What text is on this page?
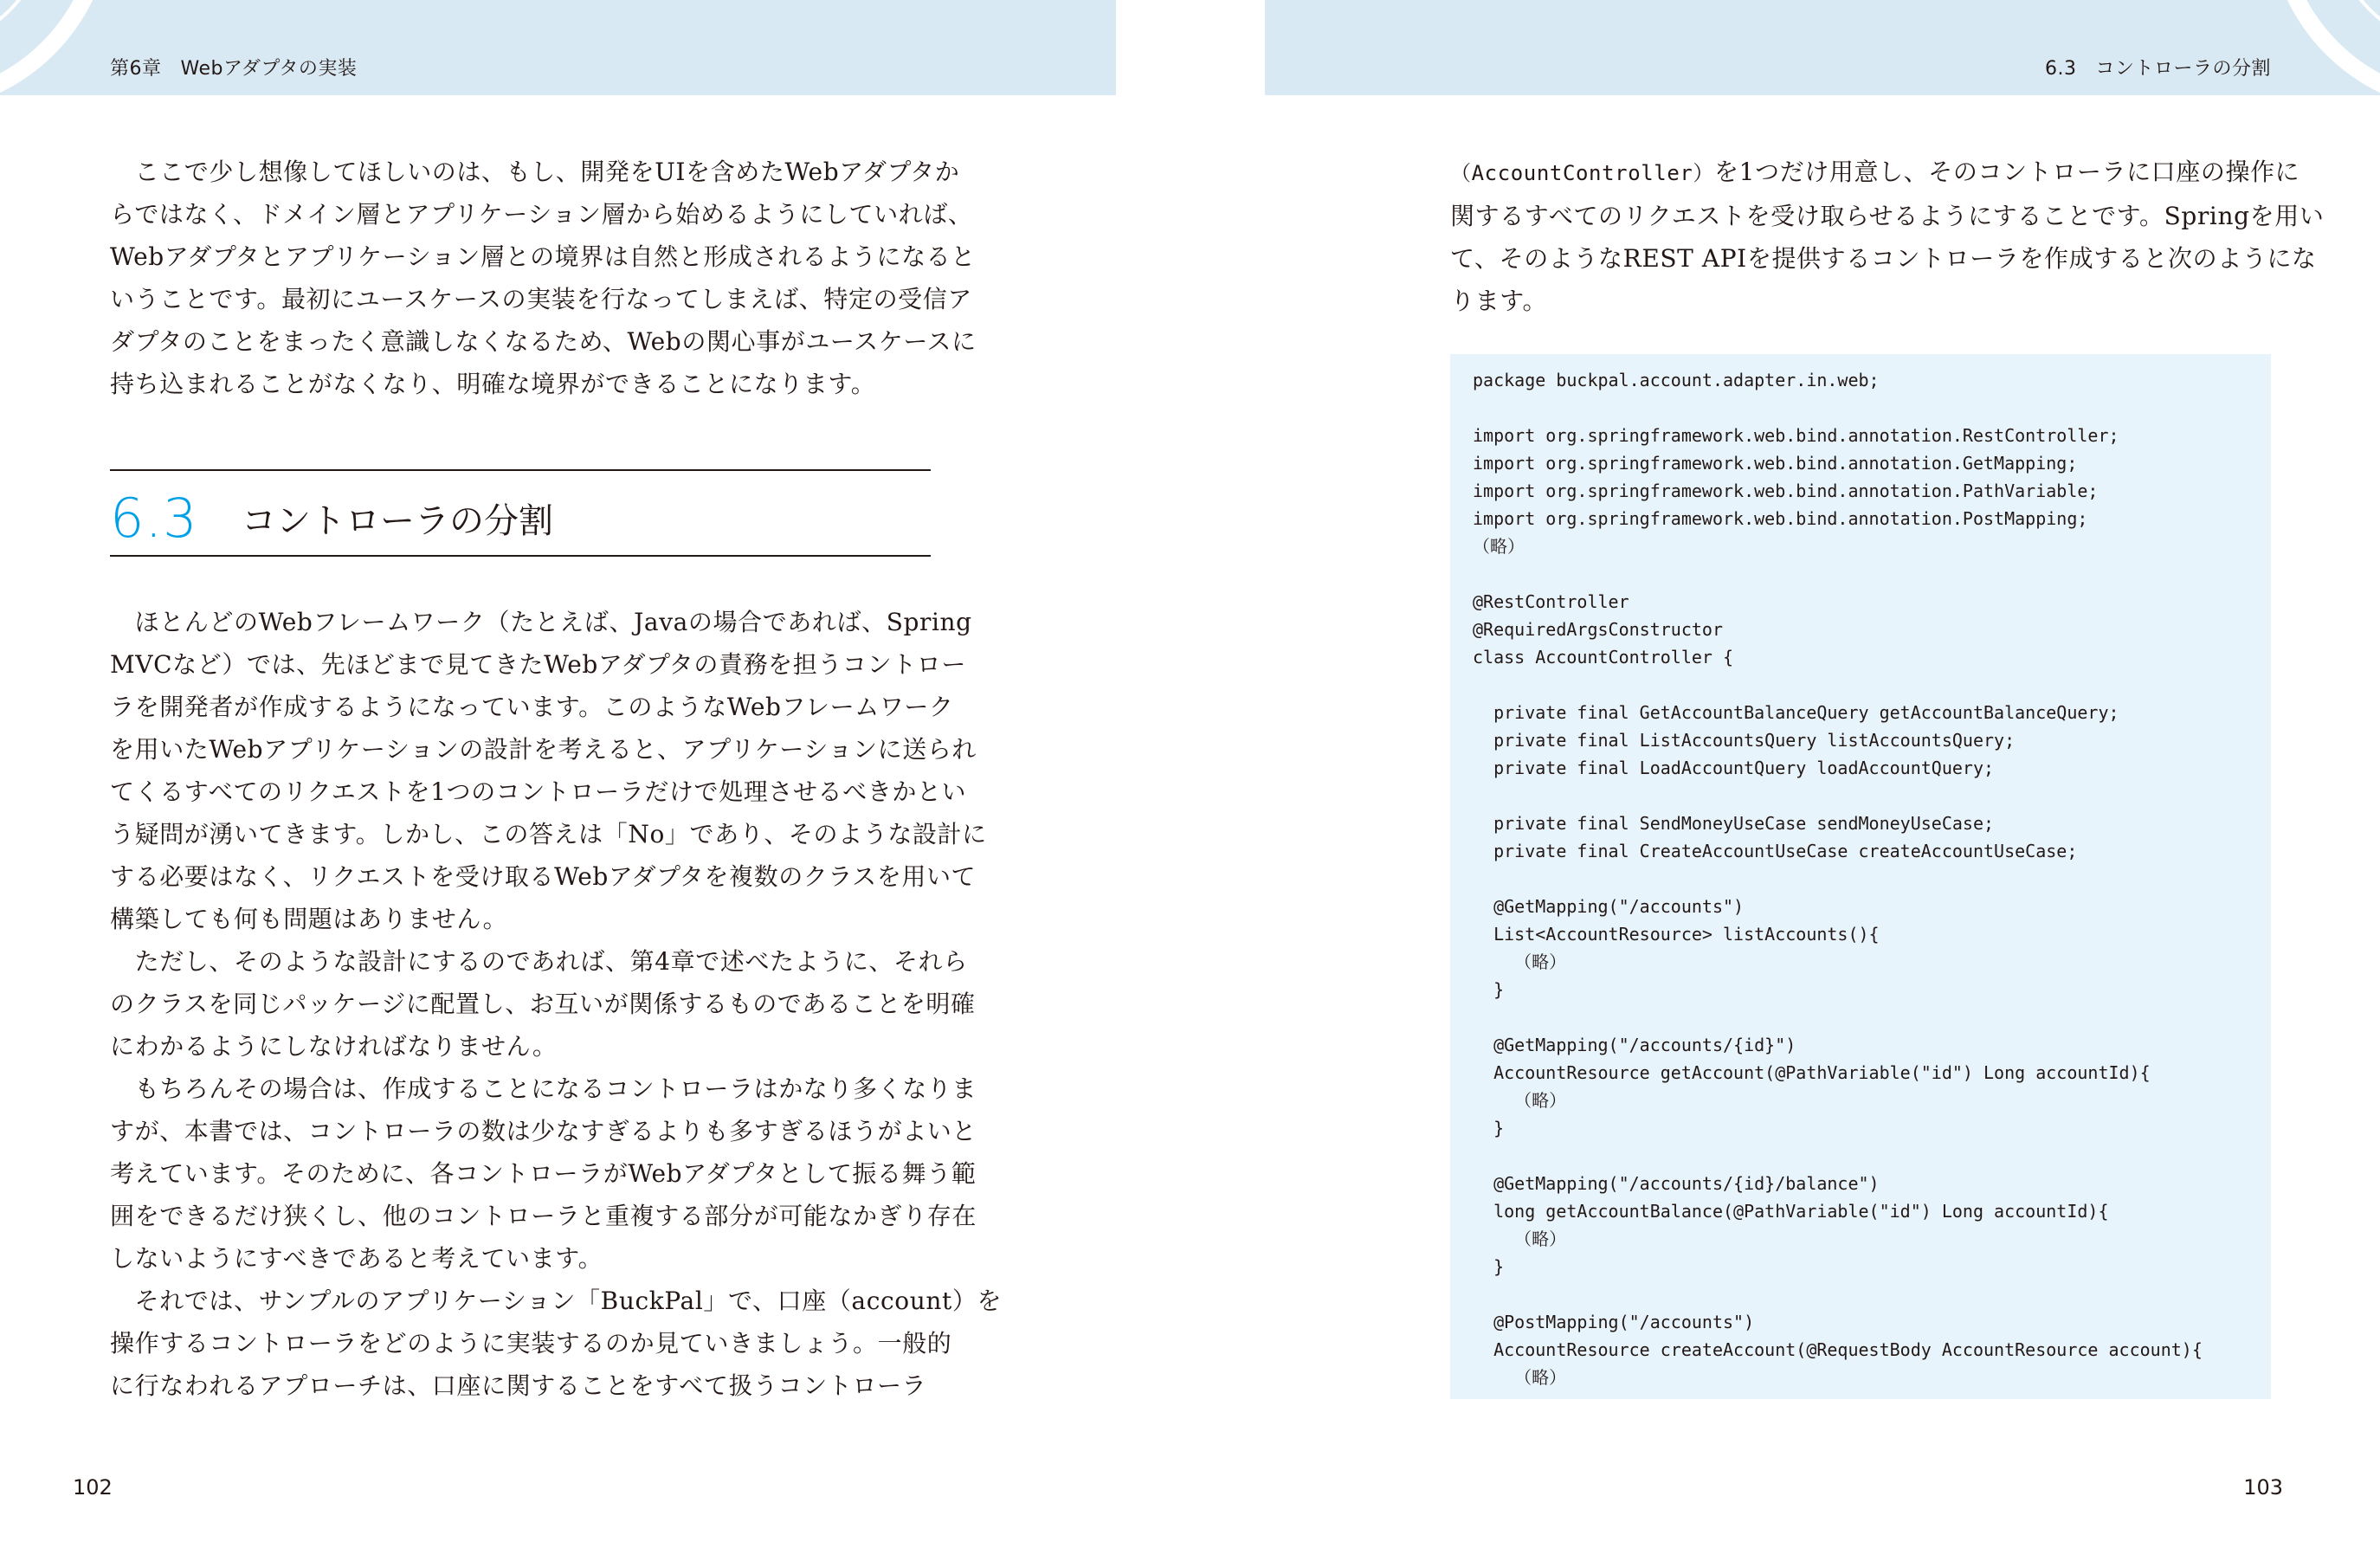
第6章 Webアダプタの実装	6.3 コントローラの分割

　ここで少し想像してほしいのは、もし、開発をUIを含めたWebアダプタか
らではなく、ドメイン層とアプリケーション層から始めるようにしていれば、
Webアダプタとアプリケーション層との境界は自然と形成されるようになると
いうことです。最初にユースケースの実装を行なってしまえば、特定の受信ア
ダプタのことをまったく意識しなくなるため、Webの関心事がユースケースに
持ち込まれることがなくなり、明確な境界ができることになります。

6.3 コントローラの分割

　ほとんどのWebフレームワーク（たとえば、Javaの場合であれば、Spring
MVCなど）では、先ほどまで見てきたWebアダプタの責務を担うコントロー
ラを開発者が作成するようになっています。このようなWebフレームワーク
を用いたWebアプリケーションの設計を考えると、アプリケーションに送られ
てくるすべてのリクエストを1つのコントローラだけで処理させるべきかとい
う疑問が湧いてきます。しかし、この答えは「No」であり、そのような設計に
する必要はなく、リクエストを受け取るWebアダプタを複数のクラスを用いて
構築しても何も問題はありません。

　ただし、そのような設計にするのであれば、第4章で述べたように、それら
のクラスを同じパッケージに配置し、お互いが関係するものであることを明確
にわかるようにしなければなりません。

　もちろんその場合は、作成することになるコントローラはかなり多くなりま
すが、本書では、コントローラの数は少なすぎるよりも多すぎるほうがよいと
考えています。そのために、各コントローラがWebアダプタとして振る舞う範
囲をできるだけ狭くし、他のコントローラと重複する部分が可能なかぎり存在
しないようにすべきであると考えています。

　それでは、サンプルのアプリケーション「BuckPal」で、口座（account）を
操作するコントローラをどのように実装するのか見ていきましょう。一般的
に行なわれるアプローチは、口座に関することをすべて扱うコントローラ

102

（AccountController）を1つだけ用意し、そのコントローラに口座の操作に
関するすべてのリクエストを受け取らせるようにすることです。Springを用い
て、そのようなREST APIを提供するコントローラを作成すると次のようにな
ります。

package buckpal.account.adapter.in.web;
import org.springframework.web.bind.annotation.RestController;
import org.springframework.web.bind.annotation.GetMapping;
import org.springframework.web.bind.annotation.PathVariable;
import org.springframework.web.bind.annotation.PostMapping;
（略）
@RestController
@RequiredArgsConstructor
class AccountController {
private final GetAccountBalanceQuery getAccountBalanceQuery;
private final ListAccountsQuery listAccountsQuery;
private final LoadAccountQuery loadAccountQuery;
private final SendMoneyUseCase sendMoneyUseCase;
private final CreateAccountUseCase createAccountUseCase;
@GetMapping("/accounts")
List<AccountResource> listAccounts(){
（略）
}
@GetMapping("/accounts/{id}")
AccountResource getAccount(@PathVariable("id") Long accountId){
（略）
}
@GetMapping("/accounts/{id}/balance")
long getAccountBalance(@PathVariable("id") Long accountId){
（略）
}
@PostMapping("/accounts")
AccountResource createAccount(@RequestBody AccountResource account){
（略）
103
